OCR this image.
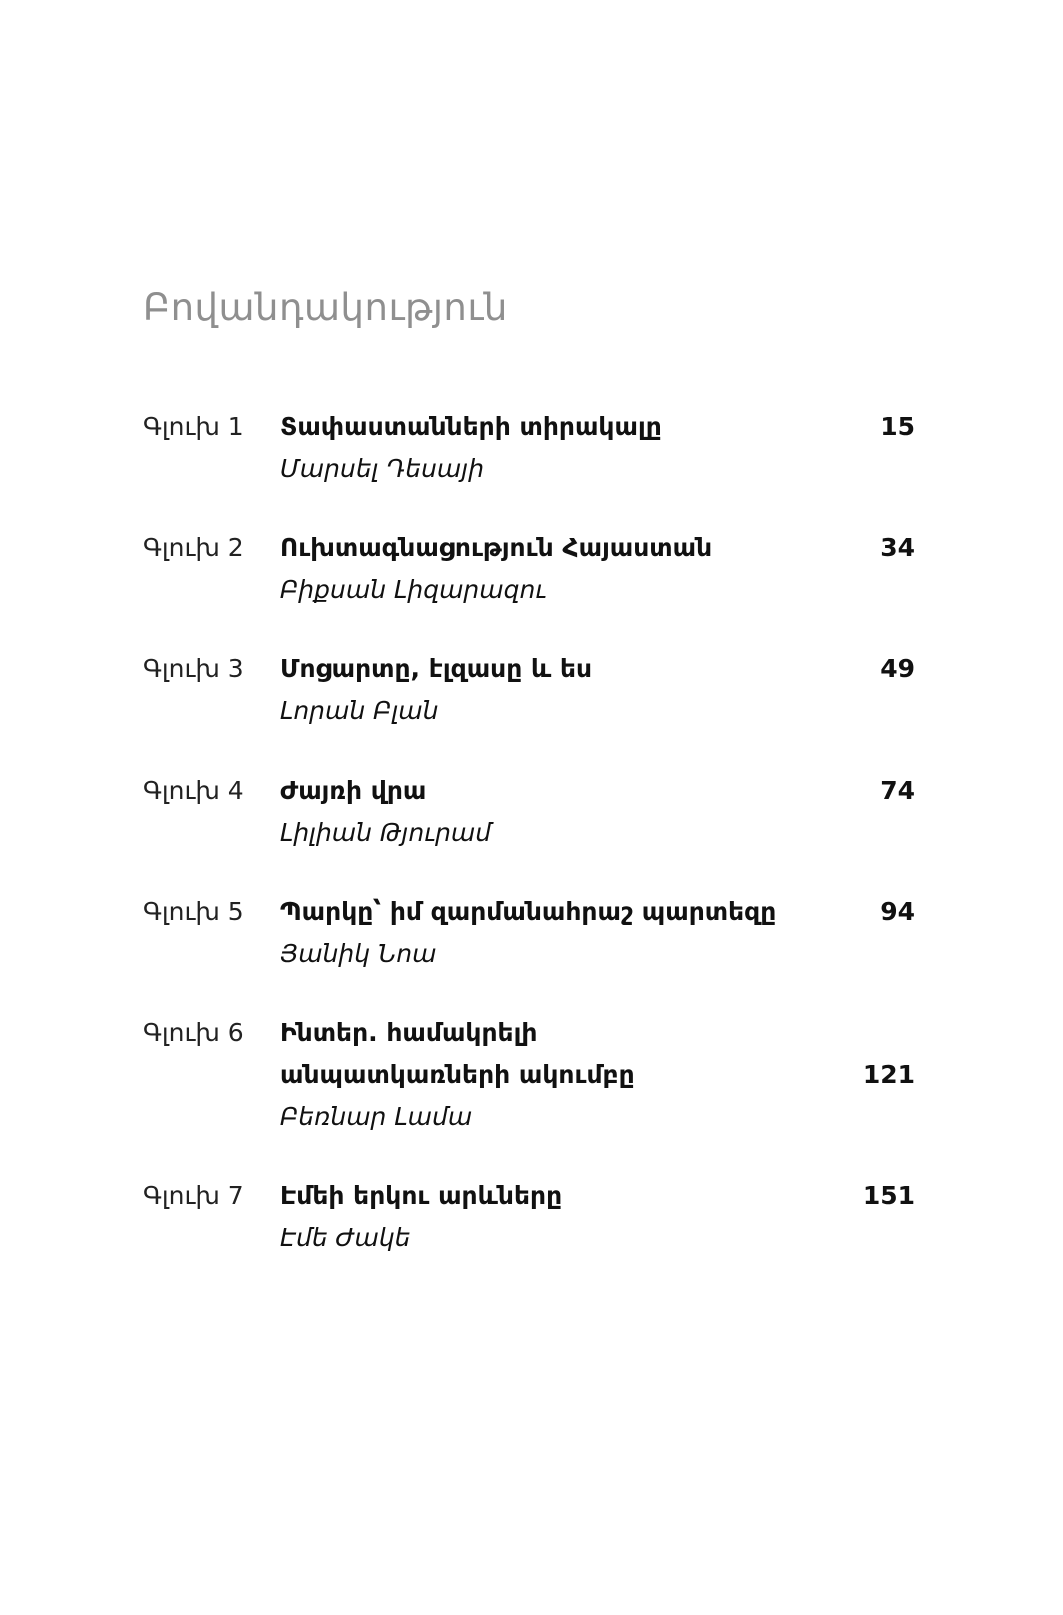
Բովանդակություն
Գլուխ 1 Տափաստանների տիրակալը	15
Մարսել Դեսայի
Գլուխ 2 Ուխտագնացություն Հայաստան	34
Բիքսան Լիզարազու
Գլուխ 3 Մոցարտը, էլզասը և ես	49
Լորան Բլան
Գլուխ 4 Ժայռի վրա	74
Լիլիան Թյուրամ
Գլուխ 5 Պարկը՝ իմ զարմանահրաշ պարտեզը	94
Յանիկ Նոա
Գլուխ 6 Ինտեր. համակրելի անպատկառների ակումբը	121
Բեռնար Լամա
Գլուխ 7 Էմեի երկու արևները	151
Էմե Ժակե
